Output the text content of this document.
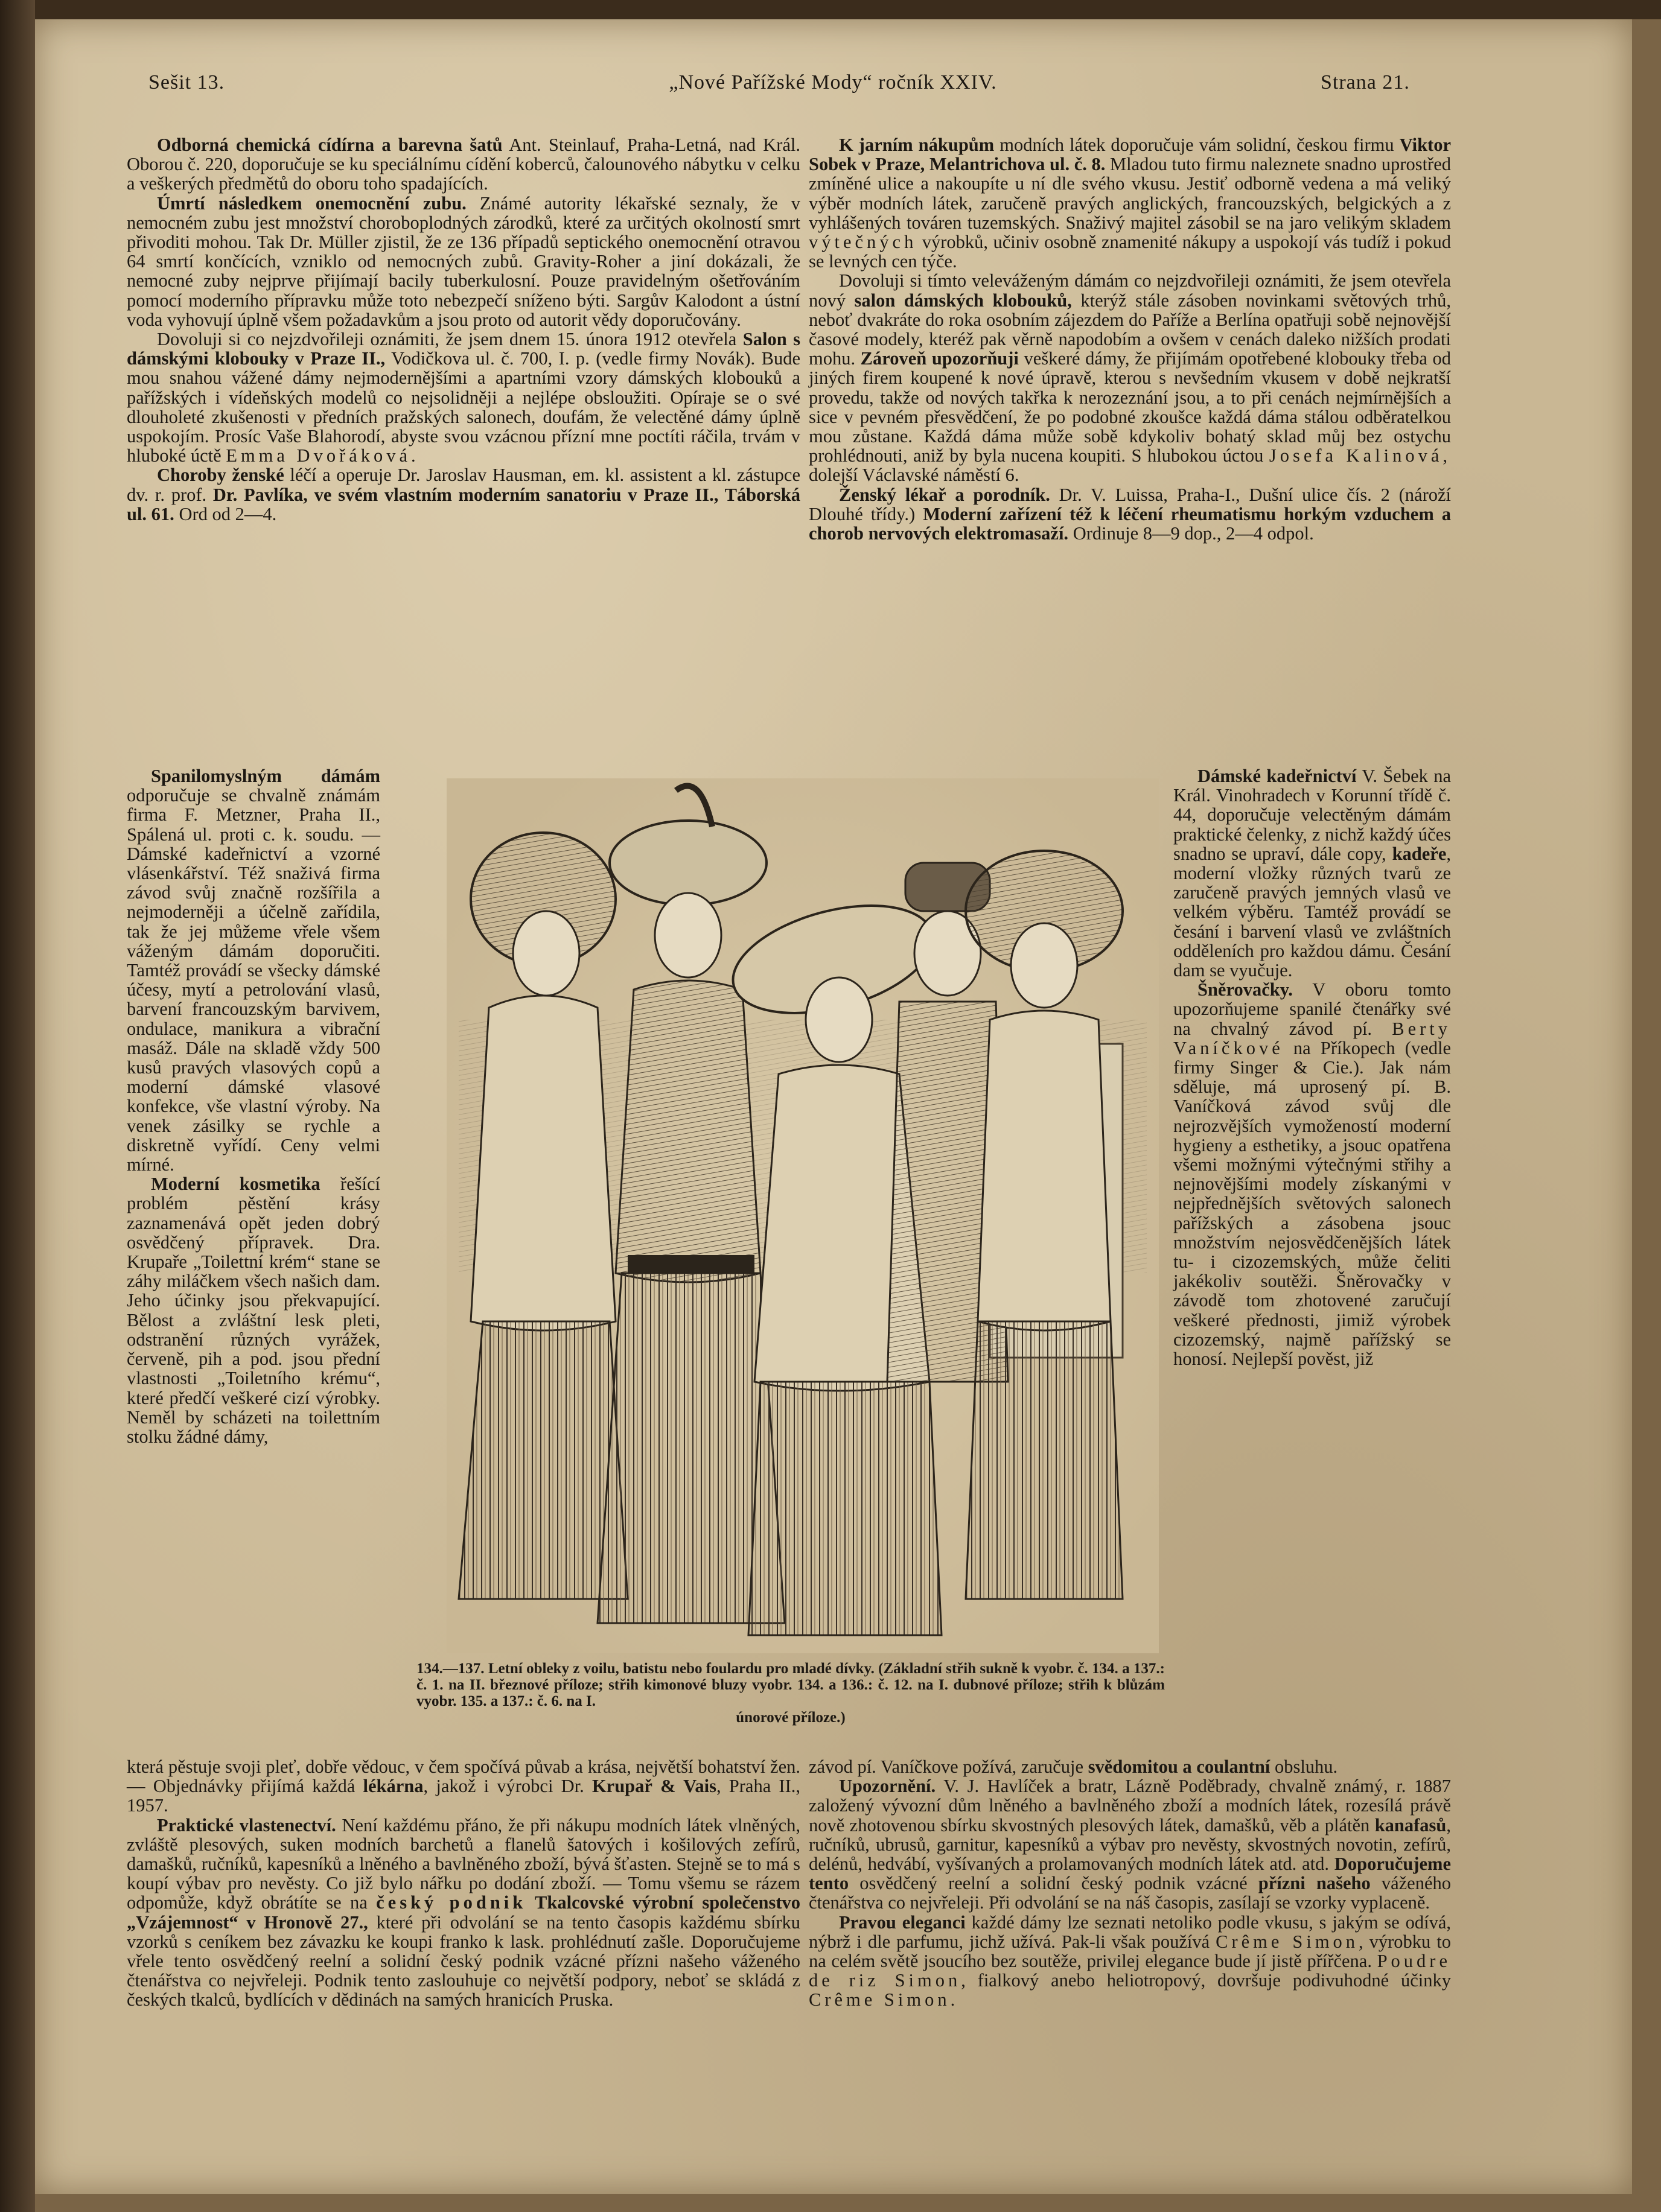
Sešit 13.	„Nové Pařížské Mody“ ročník XXIV.	Strana 21.

Odborná chemická cídírna a barevna šatů Ant. Steinlauf, Praha-Letná, nad Král. Oborou č. 220, doporučuje se ku speciálnímu cídění koberců, čalounového nábytku v celku a veškerých předmětů do oboru toho spadajících.

Úmrtí následkem onemocnění zubu. Známé autority lékařské seznaly, že v nemocném zubu jest množství choroboplodných zárodků, které za určitých okolností smrt přivoditi mohou. Tak Dr. Müller zjistil, že ze 136 případů septického onemocnění otravou 64 smrtí končících, vzniklo od nemocných zubů. Gravity-Roher a jiní dokázali, že nemocné zuby nejprve přijímají bacily tuberkulosní. Pouze pravidelným ošetřováním pomocí moderního přípravku může toto nebezpečí sníženo býti. Sargův Kalodont a ústní voda vyhovují úplně všem požadavkům a jsou proto od autorit vědy doporučovány.

Dovoluji si co nejzdvořileji oznámiti, že jsem dnem 15. února 1912 otevřela Salon s dámskými klobouky v Praze II., Vodičkova ul. č. 700, I. p. (vedle firmy Novák). Bude mou snahou vážené dámy nejmodernějšími a apartními vzory dámských klobouků a pařížských i vídeňských modelů co nejsolidněji a nejlépe obsloužiti. Opíraje se o své dlouholeté zkušenosti v předních pražských salonech, doufám, že velectěné dámy úplně uspokojím. Prosíc Vaše Blahorodí, abyste svou vzácnou přízní mne poctíti ráčila, trvám v hluboké úctě Emma Dvořáková.

Choroby ženské léčí a operuje Dr. Jaroslav Hausman, em. kl. assistent a kl. zástupce dv. r. prof. Dr. Pavlíka, ve svém vlastním moderním sanatoriu v Praze II., Táborská ul. 61. Ord od 2—4.

Spanilomyslným dámám odporučuje se chvalně známám firma F. Metzner, Praha II., Spálená ul. proti c. k. soudu. — Dámské kadeřnictví a vzorné vlásenkářství. Též snaživá firma závod svůj značně rozšířila a nejmoderněji a účelně zařídila, tak že jej můžeme vřele všem váženým dámám doporučiti. Tamtéž provádí se všecky dámské účesy, mytí a petrolování vlasů, barvení francouzským barvivem, ondulace, manikura a vibrační masáž. Dále na skladě vždy 500 kusů pravých vlasových copů a moderní dámské vlasové konfekce, vše vlastní výroby. Na venek zásilky se rychle a diskretně vyřídí. Ceny velmi mírné.

Moderní kosmetika řešící problém pěstění krásy zaznamenává opět jeden dobrý osvědčený přípravek. Dra. Krupaře „Toilettní krém“ stane se záhy miláčkem všech našich dam. Jeho účinky jsou překvapující. Bělost a zvláštní lesk pleti, odstranění různých vyrážek, červeně, pih a pod. jsou přední vlastnosti „Toiletního krému“, které předčí veškeré cizí výrobky. Neměl by scházeti na toilettním stolku žádné dámy,

134.—137. Letní obleky z voilu, batistu nebo foulardu pro mladé dívky. (Základní střih sukně k vyobr. č. 134. a 137.: č. 1. na II. březnové příloze; střih kimonové bluzy vyobr. 134. a 136.: č. 12. na I. dubnové příloze; střih k blůzám vyobr. 135. a 137.: č. 6. na I.
únorové příloze.)

která pěstuje svoji pleť, dobře vědouc, v čem spočívá půvab a krása, největší bohatství žen. — Objednávky přijímá každá lékárna, jakož i výrobci Dr. Krupař & Vais, Praha II., 1957.

Praktické vlastenectví. Není každému přáno, že při nákupu modních látek vlněných, zvláště plesových, suken modních barchetů a flanelů šatových i košilových zefírů, damašků, ručníků, kapesníků a lněného a bavlněného zboží, bývá šťasten. Stejně se to má s koupí výbav pro nevěsty. Co již bylo nářku po dodání zboží. — Tomu všemu se rázem odpomůže, když obrátíte se na český podnik Tkalcovské výrobní společenstvo „Vzájemnost“ v Hronově 27., které při odvolání se na tento časopis každému sbírku vzorků s ceníkem bez závazku ke koupi franko k lask. prohlédnutí zašle. Doporučujeme vřele tento osvědčený reelní a solidní český podnik vzácné přízni našeho váženého čtenářstva co nejvřeleji. Podnik tento zaslouhuje co největší podpory, neboť se skládá z českých tkalců, bydlících v dědinách na samých hranicích Pruska.

K jarním nákupům modních látek doporučuje vám solidní, českou firmu Viktor Sobek v Praze, Melantrichova ul. č. 8. Mladou tuto firmu naleznete snadno uprostřed zmíněné ulice a nakoupíte u ní dle svého vkusu. Jestiť odborně vedena a má veliký výběr modních látek, zaručeně pravých anglických, francouzských, belgických a z vyhlášených továren tuzemských. Snaživý majitel zásobil se na jaro velikým skladem výtečných výrobků, učiniv osobně znamenité nákupy a uspokojí vás tudíž i pokud se levných cen týče.

Dovoluji si tímto veleváženým dámám co nejzdvořileji oznámiti, že jsem otevřela nový salon dámských klobouků, kterýž stále zásoben novinkami světových trhů, neboť dvakráte do roka osobním zájezdem do Paříže a Berlína opatřuji sobě nejnovější časové modely, kteréž pak věrně napodobím a ovšem v cenách daleko nižších prodati mohu. Zároveň upozorňuji veškeré dámy, že přijímám opotřebené klobouky třeba od jiných firem koupené k nové úpravě, kterou s nevšedním vkusem v době nejkratší provedu, takže od nových takřka k nerozeznání jsou, a to při cenách nejmírnějších a sice v pevném přesvědčení, že po podobné zkoušce každá dáma stálou odběratelkou mou zůstane. Každá dáma může sobě kdykoliv bohatý sklad můj bez ostychu prohlédnouti, aniž by byla nucena koupiti. S hlubokou úctou Josefa Kalinová, dolejší Václavské náměstí 6.

Ženský lékař a porodník. Dr. V. Luissa, Praha-I., Dušní ulice čís. 2 (nároží Dlouhé třídy.) Moderní zařízení též k léčení rheumatismu horkým vzduchem a chorob nervových elektromasaží. Ordinuje 8—9 dop., 2—4 odpol.

Dámské kadeřnictví V. Šebek na Král. Vinohradech v Korunní třídě č. 44, doporučuje velectěným dámám praktické čelenky, z nichž každý účes snadno se upraví, dále copy, kadeře, moderní vložky různých tvarů ze zaručeně pravých jemných vlasů ve velkém výběru. Tamtéž provádí se česání i barvení vlasů ve zvláštních odděleních pro každou dámu. Česání dam se vyučuje.

Šněrovačky. V oboru tomto upozorňujeme spanilé čtenářky své na chvalný závod pí. Berty Vaníčkové na Příkopech (vedle firmy Singer & Cie.). Jak nám sděluje, má uprosený pí. B. Vaníčková závod svůj dle nejrozvějších vymožeností moderní hygieny a esthetiky, a jsouc opatřena všemi možnými výtečnými střihy a nejnovějšími modely získanými v nejpřednějších světových salonech pařížských a zásobena jsouc množstvím nejosvědčenějších látek tu- i cizozemských, může čeliti jakékoliv soutěži. Šněrovačky v závodě tom zhotovené zaručují veškeré přednosti, jimiž výrobek cizozemský, najmě pařížský se honosí. Nejlepší pověst, již

závod pí. Vaníčkove požívá, zaručuje svědomitou a coulantní obsluhu.

Upozornění. V. J. Havlíček a bratr, Lázně Poděbrady, chvalně známý, r. 1887 založený vývozní dům lněného a bavlněného zboží a modních látek, rozesílá právě nově zhotovenou sbírku skvostných plesových látek, damašků, věb a plátěn kanafasů, ručníků, ubrusů, garnitur, kapesníků a výbav pro nevěsty, skvostných novotin, zefírů, delénů, hedvábí, vyšívaných a prolamovaných modních látek atd. atd. Doporučujeme tento osvědčený reelní a solidní český podnik vzácné přízni našeho váženého čtenářstva co nejvřeleji. Při odvolání se na náš časopis, zasílají se vzorky vyplaceně.

Pravou eleganci každé dámy lze seznati netoliko podle vkusu, s jakým se odívá, nýbrž i dle parfumu, jichž užívá. Pak-li však používá Crême Simon, výrobku to na celém světě jsoucího bez soutěže, privilej elegance bude jí jistě přířčena. Poudre de riz Simon, fialkový anebo heliotropový, dovršuje podivuhodné účinky Crême Simon.
